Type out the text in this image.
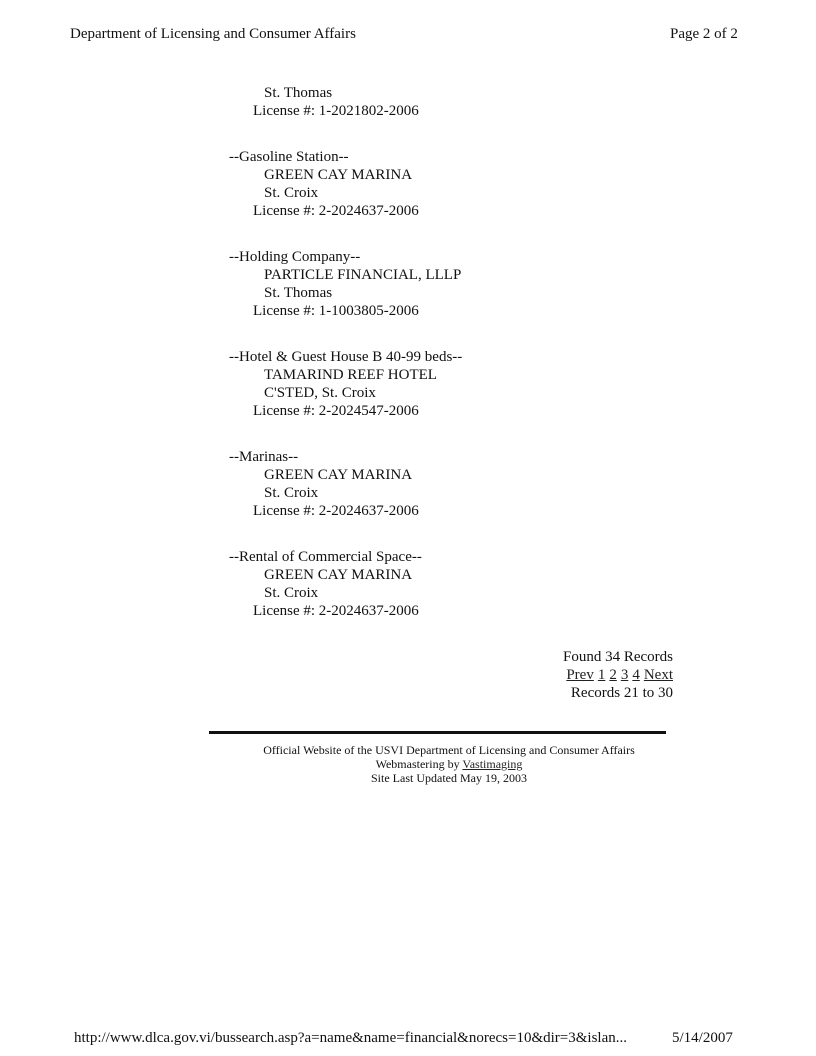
Department of Licensing and Consumer Affairs	Page 2 of 2
St. Thomas
License #: 1-2021802-2006
--Gasoline Station--
GREEN CAY MARINA
St. Croix
License #: 2-2024637-2006
--Holding Company--
PARTICLE FINANCIAL, LLLP
St. Thomas
License #: 1-1003805-2006
--Hotel & Guest House B 40-99 beds--
TAMARIND REEF HOTEL
C'STED, St. Croix
License #: 2-2024547-2006
--Marinas--
GREEN CAY MARINA
St. Croix
License #: 2-2024637-2006
--Rental of Commercial Space--
GREEN CAY MARINA
St. Croix
License #: 2-2024637-2006
Found 34 Records
Prev 1 2 3 4 Next
Records 21 to 30
Official Website of the USVI Department of Licensing and Consumer Affairs
Webmastering by Vastimaging
Site Last Updated May 19, 2003
http://www.dlca.gov.vi/bussearch.asp?a=name&name=financial&norecs=10&dir=3&islan...	5/14/2007
